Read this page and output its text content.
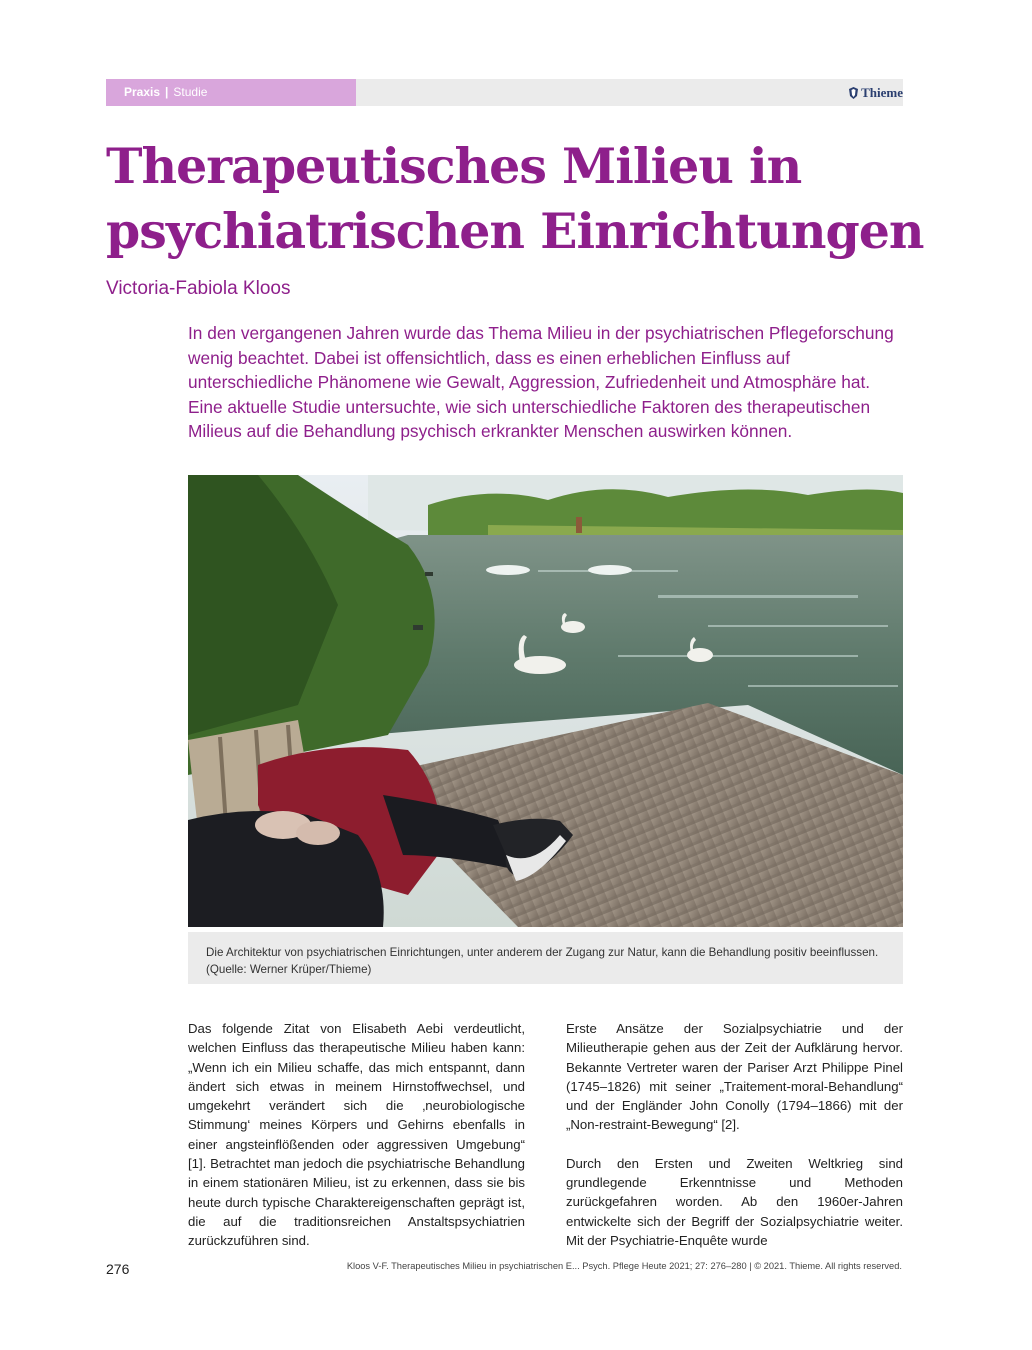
Praxis | Studie	Thieme
Therapeutisches Milieu in psychiatrischen Einrichtungen
Victoria-Fabiola Kloos

In den vergangenen Jahren wurde das Thema Milieu in der psychiatrischen Pflegeforschung wenig beachtet. Dabei ist offensichtlich, dass es einen erheblichen Einfluss auf unterschiedliche Phänomene wie Gewalt, Aggression, Zufriedenheit und Atmosphäre hat. Eine aktuelle Studie untersuchte, wie sich unterschiedliche Faktoren des therapeutischen Milieus auf die Behandlung psychisch erkrankter Menschen auswirken können.

Die Architektur von psychiatrischen Einrichtungen, unter anderem der Zugang zur Natur, kann die Behandlung positiv beeinflussen. (Quelle: Werner Krüper/Thieme)

Das folgende Zitat von Elisabeth Aebi verdeutlicht, welchen Einfluss das therapeutische Milieu haben kann: „Wenn ich ein Milieu schaffe, das mich entspannt, dann ändert sich etwas in meinem Hirnstoffwechsel, und umgekehrt verändert sich die ‚neurobiologische Stimmung‘ meines Körpers und Gehirns ebenfalls in einer angsteinflößenden oder aggressiven Umgebung“ [1]. Betrachtet man jedoch die psychiatrische Behandlung in einem stationären Milieu, ist zu erkennen, dass sie bis heute durch typische Charaktereigenschaften geprägt ist, die auf die traditionsreichen Anstaltspsychiatrien zurückzuführen sind.

Erste Ansätze der Sozialpsychiatrie und der Milieutherapie gehen aus der Zeit der Aufklärung hervor. Bekannte Vertreter waren der Pariser Arzt Philippe Pinel (1745–1826) mit seiner „Traitement-moral-Behandlung“ und der Engländer John Conolly (1794–1866) mit der „Non-restraint-Bewegung“ [2].

Durch den Ersten und Zweiten Weltkrieg sind grundlegende Erkenntnisse und Methoden zurückgefahren worden. Ab den 1960er-Jahren entwickelte sich der Begriff der Sozialpsychiatrie weiter. Mit der Psychiatrie-Enquête wurde

276	Kloos V-F. Therapeutisches Milieu in psychiatrischen E... Psych. Pflege Heute 2021; 27: 276–280 | © 2021. Thieme. All rights reserved.
